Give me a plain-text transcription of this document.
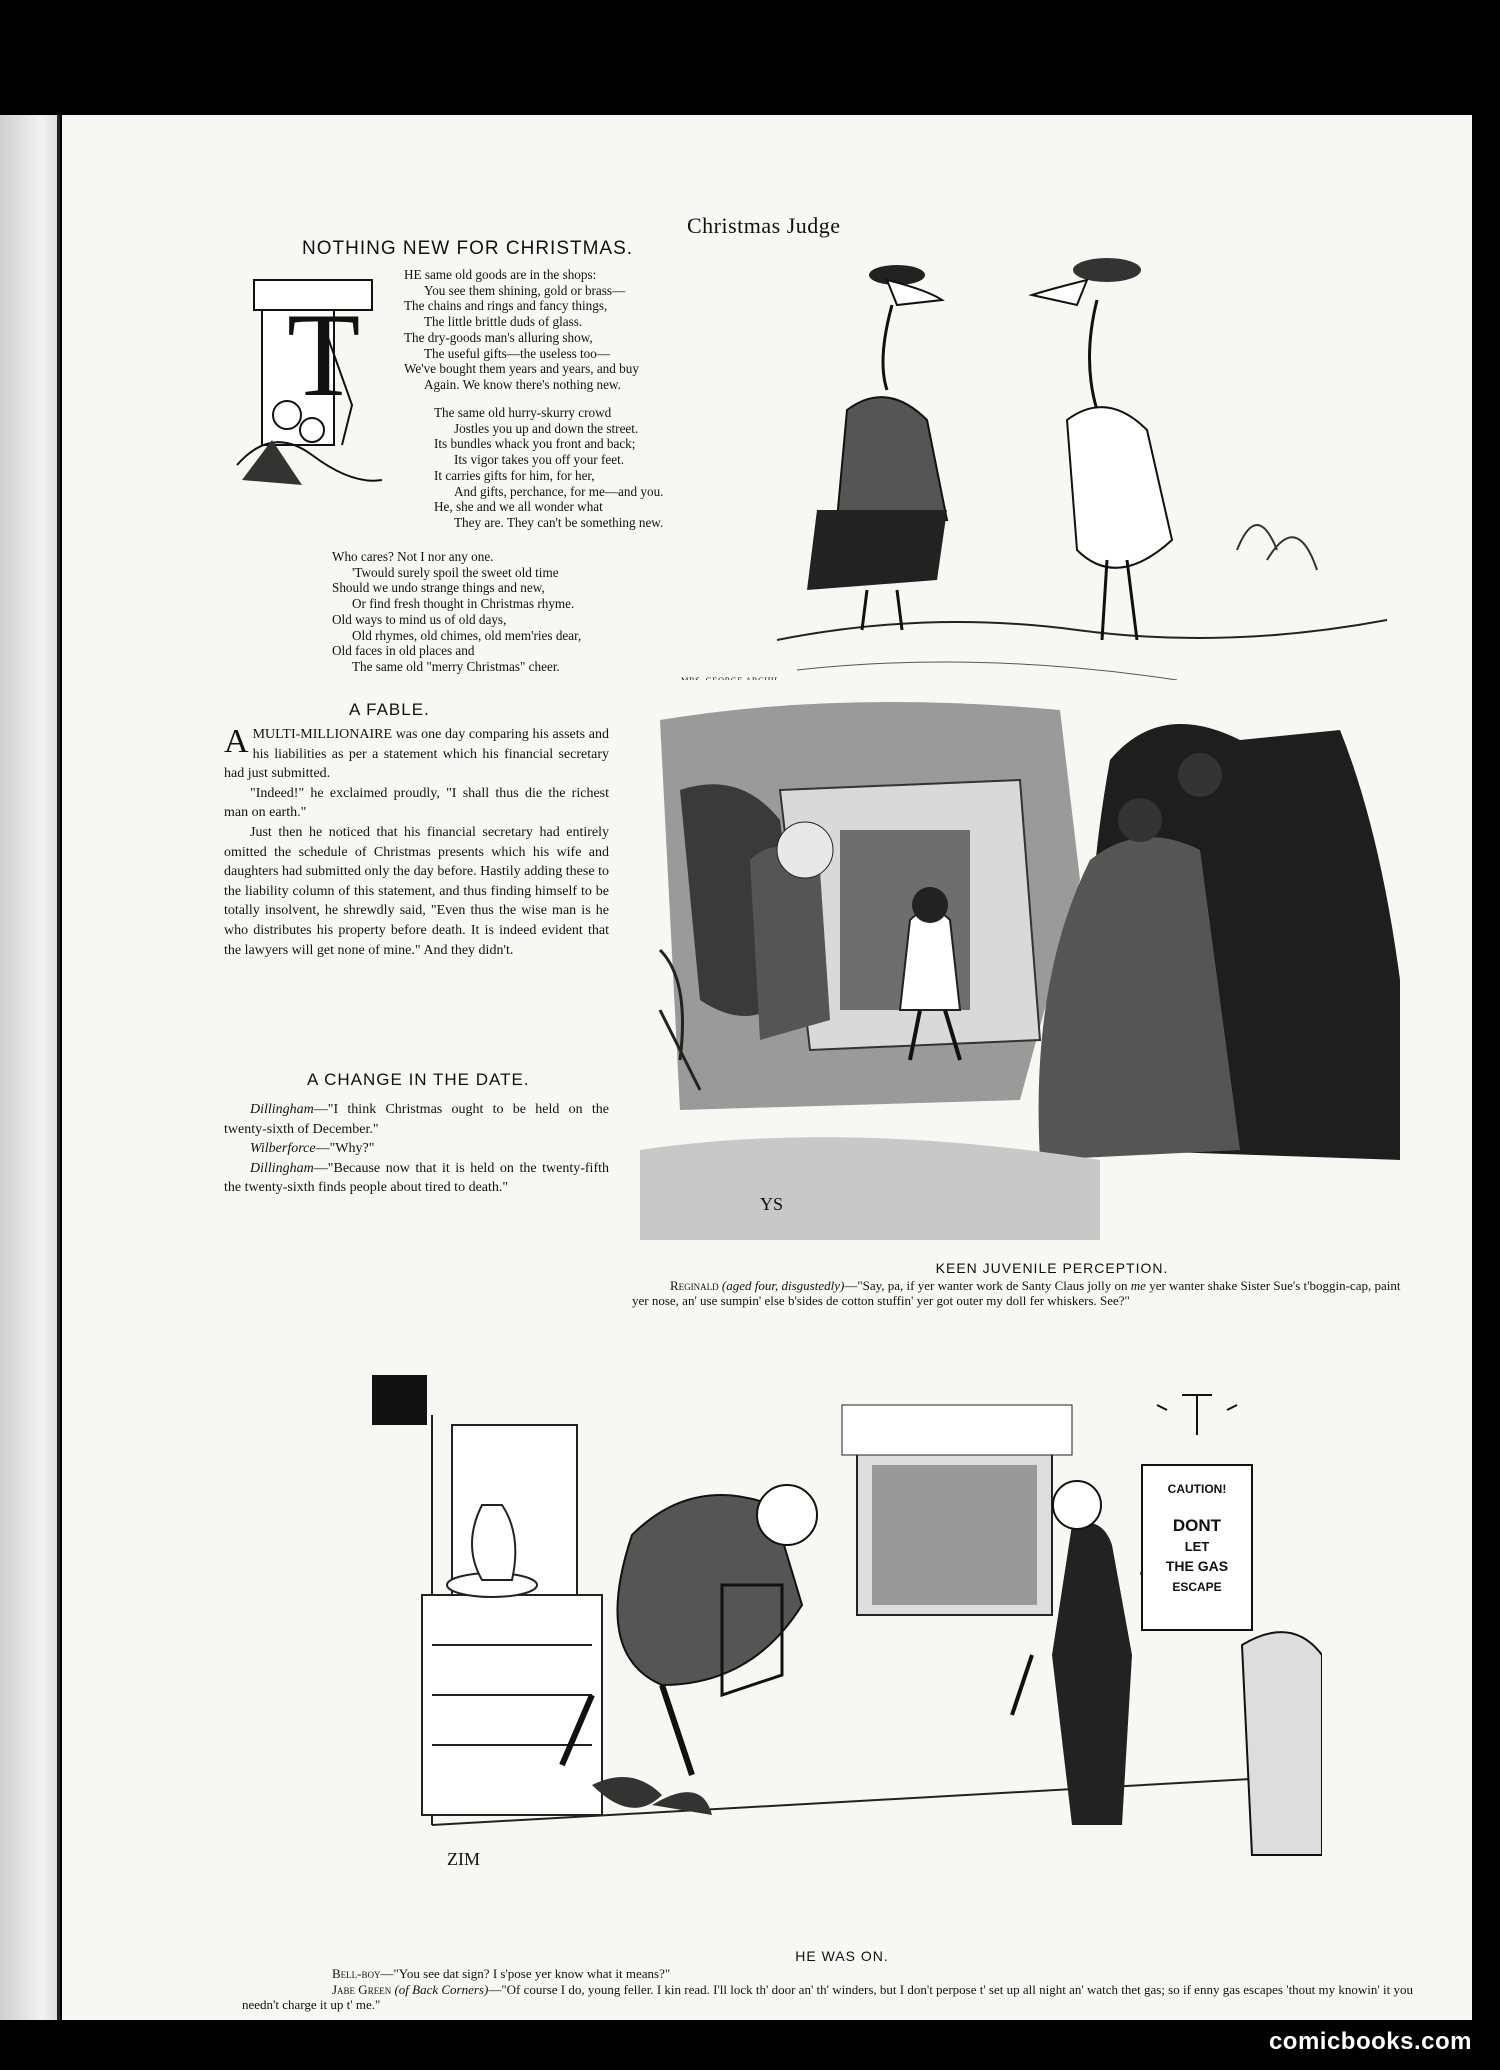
Christmas Judge
NOTHING NEW FOR CHRISTMAS.
T

HE same old goods are in the shops:

You see them shining, gold or brass—

The chains and rings and fancy things,

The little brittle duds of glass.

The dry-goods man's alluring show,

The useful gifts—the useless too—

We've bought them years and years, and buy

Again. We know there's nothing new.

The same old hurry-skurry crowd

Jostles you up and down the street.

Its bundles whack you front and back;

Its vigor takes you off your feet.

It carries gifts for him, for her,

And gifts, perchance, for me—and you.

He, she and we all wonder what

They are. They can't be something new.

Who cares? Not I nor any one.

'Twould surely spoil the sweet old time

Should we undo strange things and new,

Or find fresh thought in Christmas rhyme.

Old ways to mind us of old days,

Old rhymes, old chimes, old mem'ries dear,

Old faces in old places and

The same old "merry Christmas" cheer.

A FABLE.

A MULTI-MILLIONAIRE was one day comparing his assets and his liabilities as per a statement which his financial secretary had just submitted.

"Indeed!" he exclaimed proudly, "I shall thus die the richest man on earth."

Just then he noticed that his financial secretary had entirely omitted the schedule of Christmas presents which his wife and daughters had submitted only the day before. Hastily adding these to the liability column of this statement, and thus finding himself to be totally insolvent, he shrewdly said, "Even thus the wise man is he who distributes his property before death. It is indeed evident that the lawyers will get none of mine." And they didn't.

A CHANGE IN THE DATE.

Dillingham—"I think Christmas ought to be held on the twenty-sixth of December."

Wilberforce—"Why?"

Dillingham—"Because now that it is held on the twenty-fifth the twenty-sixth finds people about tired to death."

YS
KEEN JUVENILE PERCEPTION.
Reginald (aged four, disgustedly)—"Say, pa, if yer wanter work de Santy Claus jolly on me yer wanter shake Sister Sue's t'boggin-cap, paint yer nose, an' use sumpin' else b'sides de cotton stuffin' yer got outer my doll fer whiskers. See?"
CAUTION!
DONT
LET
THE GAS
ESCAPE
ZIM
HE WAS ON.
Bell-boy—"You see dat sign? I s'pose yer know what it means?"
Jabe Green (of Back Corners)—"Of course I do, young feller. I kin read. I'll lock th' door an' th' winders, but I don't perpose t' set up all night an' watch thet gas; so if enny gas escapes 'thout my knowin' it you needn't charge it up t' me."
comicbooks.com
